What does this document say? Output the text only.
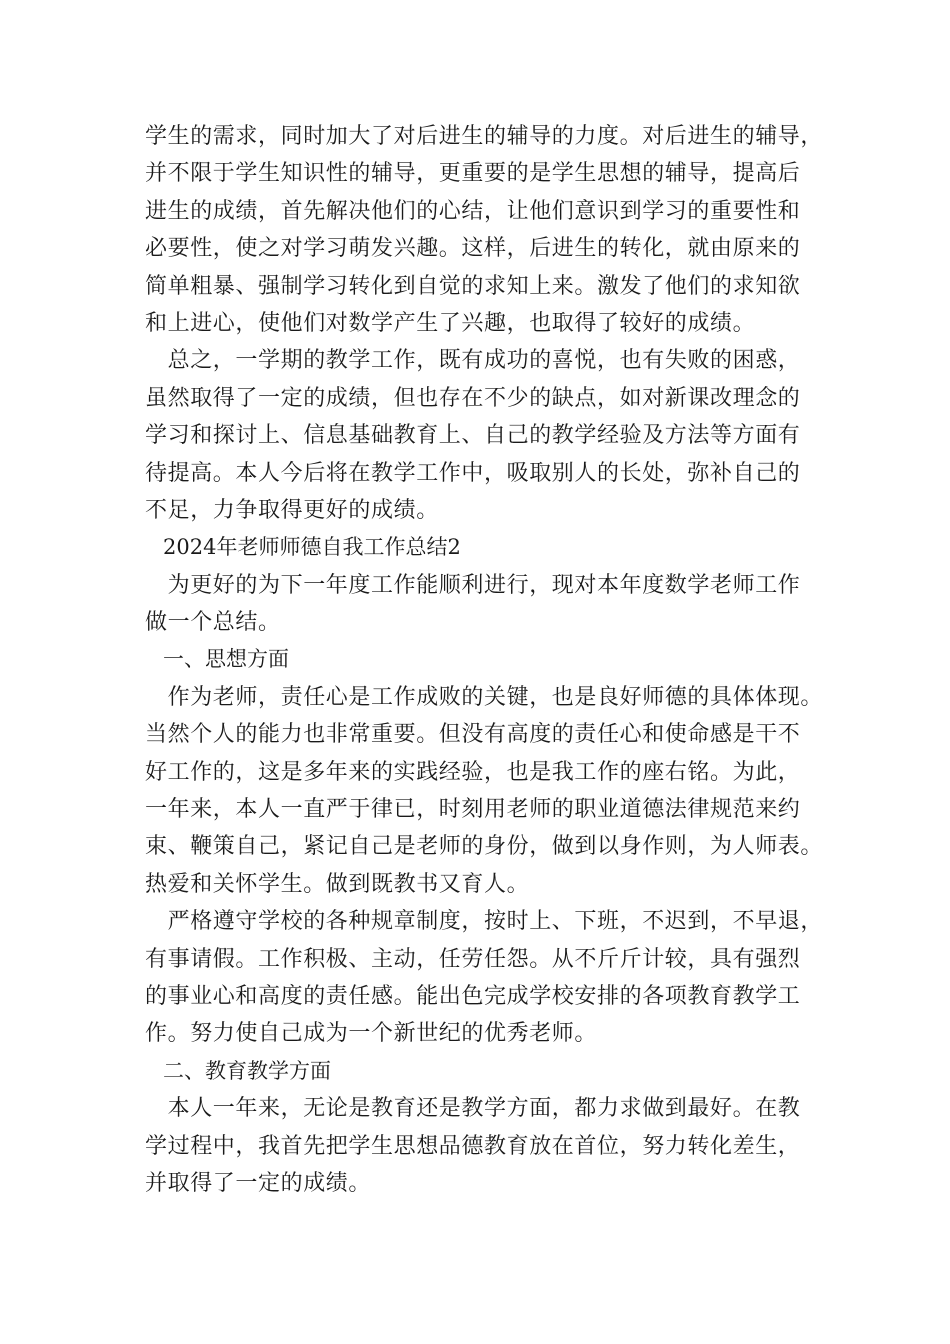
学生的需求，同时加大了对后进生的辅导的力度。对后进生的辅导，
并不限于学生知识性的辅导，更重要的是学生思想的辅导，提高后
进生的成绩，首先解决他们的心结，让他们意识到学习的重要性和
必要性，使之对学习萌发兴趣。这样，后进生的转化，就由原来的
简单粗暴、强制学习转化到自觉的求知上来。激发了他们的求知欲
和上进心，使他们对数学产生了兴趣，也取得了较好的成绩。
　总之，一学期的教学工作，既有成功的喜悦，也有失败的困惑，
虽然取得了一定的成绩，但也存在不少的缺点，如对新课改理念的
学习和探讨上、信息基础教育上、自己的教学经验及方法等方面有
待提高。本人今后将在教学工作中，吸取别人的长处，弥补自己的
不足，力争取得更好的成绩。
2024年老师师德自我工作总结2
　为更好的为下一年度工作能顺利进行，现对本年度数学老师工作
做一个总结。
一、思想方面
　作为老师，责任心是工作成败的关键，也是良好师德的具体体现。
当然个人的能力也非常重要。但没有高度的责任心和使命感是干不
好工作的，这是多年来的实践经验，也是我工作的座右铭。为此，
一年来，本人一直严于律已，时刻用老师的职业道德法律规范来约
束、鞭策自己，紧记自己是老师的身份，做到以身作则，为人师表。
热爱和关怀学生。做到既教书又育人。
　严格遵守学校的各种规章制度，按时上、下班，不迟到，不早退，
有事请假。工作积极、主动，任劳任怨。从不斤斤计较，具有强烈
的事业心和高度的责任感。能出色完成学校安排的各项教育教学工
作。努力使自己成为一个新世纪的优秀老师。
二、教育教学方面
　本人一年来，无论是教育还是教学方面，都力求做到最好。在教
学过程中，我首先把学生思想品德教育放在首位，努力转化差生，
并取得了一定的成绩。
